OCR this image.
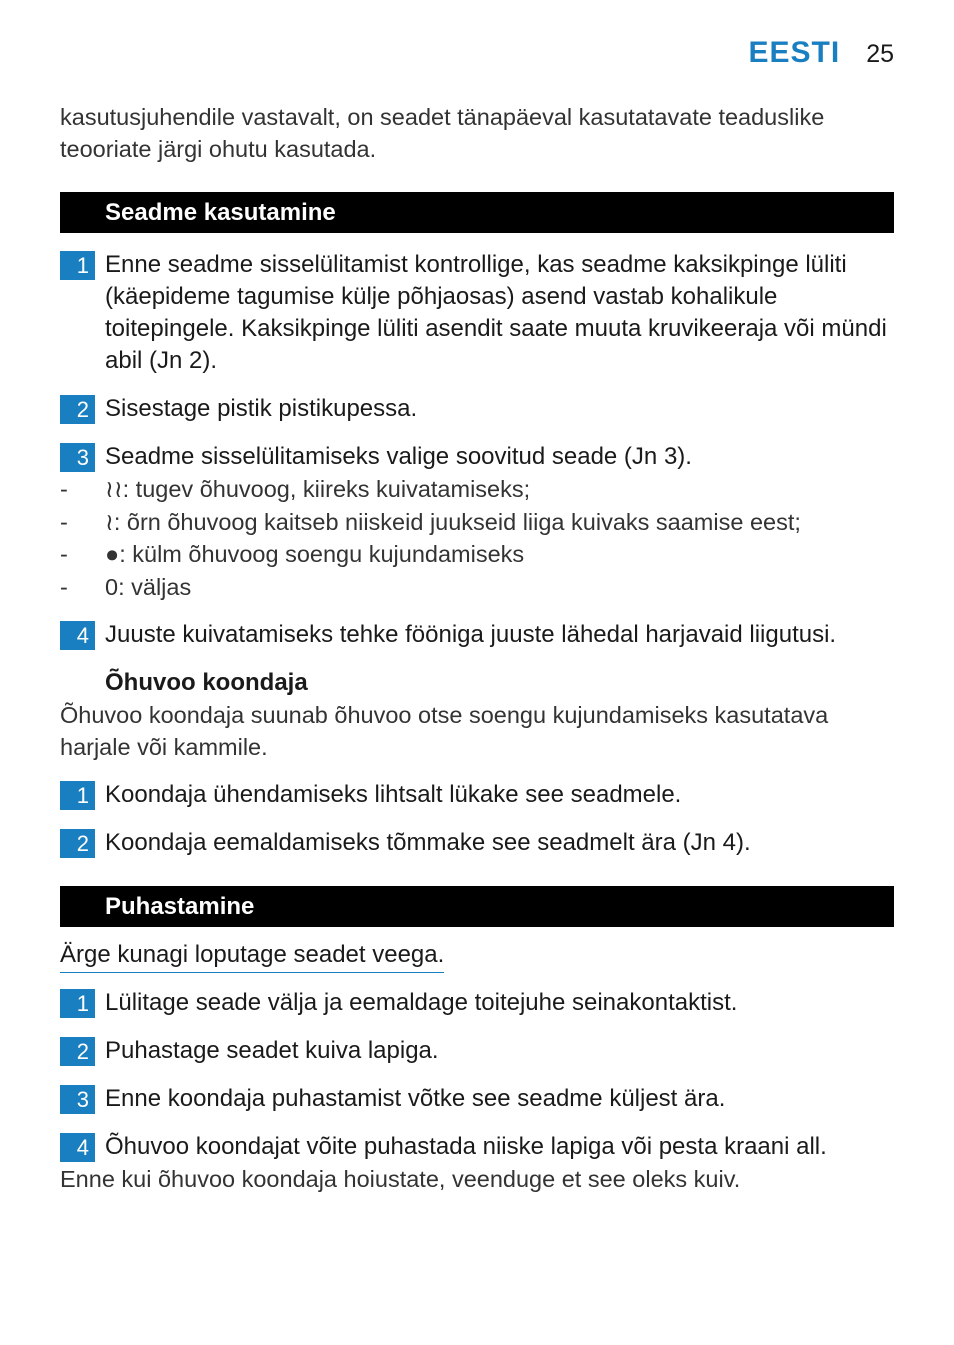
EESTI 25

kasutusjuhendile vastavalt, on seadet tänapäeval kasutatavate teaduslike teooriate järgi ohutu kasutada.

Seadme kasutamine
1 Enne seadme sisselülitamist kontrollige, kas seadme kaksikpinge lüliti (käepideme tagumise külje põhjaosas) asend vastab kohalikule toitepingele. Kaksikpinge lüliti asendit saate muuta kruvikeeraja või mündi abil (Jn 2).
2 Sisestage pistik pistikupessa.
3 Seadme sisselülitamiseks valige soovitud seade (Jn 3).
-	≀≀ : tugev õhuvoog, kiireks kuivatamiseks;
-	≀ : õrn õhuvoog kaitseb niiskeid juukseid liiga kuivaks saamise eest;
-	● : külm õhuvoog soengu kujundamiseks
-	0 : väljas
4 Juuste kuivatamiseks tehke fööniga juuste lähedal harjavaid liigutusi.
Õhuvoo koondaja

Õhuvoo koondaja suunab õhuvoo otse soengu kujundamiseks kasutatava harjale või kammile.

1 Koondaja ühendamiseks lihtsalt lükake see seadmele.
2 Koondaja eemaldamiseks tõmmake see seadmelt ära (Jn 4).
Puhastamine
Ärge kunagi loputage seadet veega.
1 Lülitage seade välja ja eemaldage toitejuhe seinakontaktist.
2 Puhastage seadet kuiva lapiga.
3 Enne koondaja puhastamist võtke see seadme küljest ära.
4 Õhuvoo koondajat võite puhastada niiske lapiga või pesta kraani all.

Enne kui õhuvoo koondaja hoiustate, veenduge et see oleks kuiv.
